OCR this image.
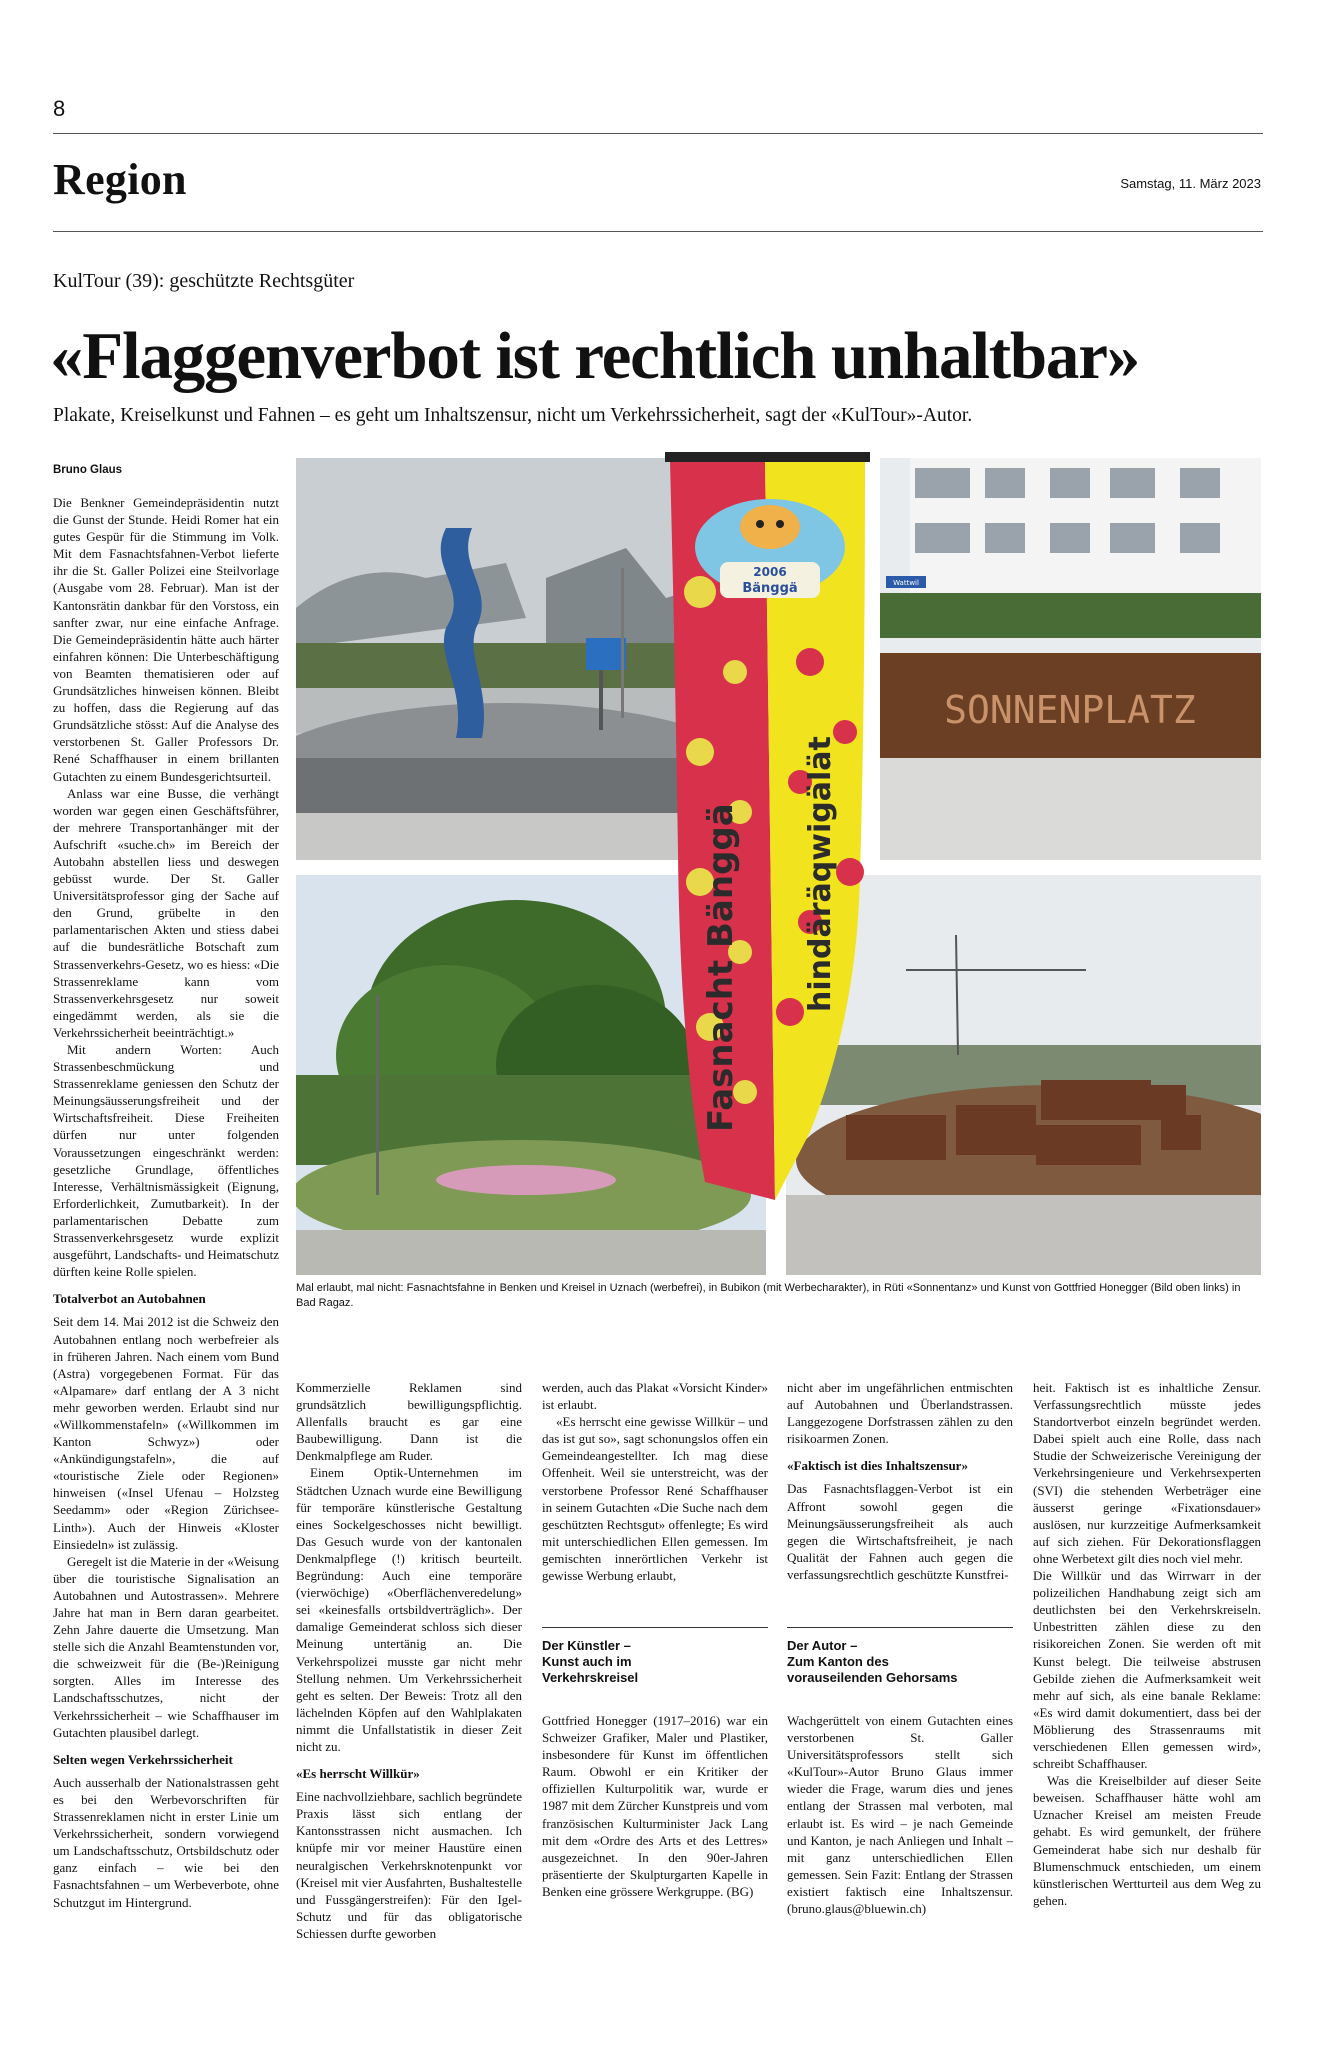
8
Region	Samstag, 11. März 2023
KulTour (39): geschützte Rechtsgüter
«Flaggenverbot ist rechtlich unhaltbar»
Plakate, Kreiselkunst und Fahnen – es geht um Inhaltszensur, nicht um Verkehrssicherheit, sagt der «KulTour»-Autor.
Bruno Glaus
SONNENPLATZ
Wattwil
2006
Bänggä
Fasnacht Bänggä hindäräqwigälät
Mal erlaubt, mal nicht: Fasnachtsfahne in Benken und Kreisel in Uznach (werbefrei), in Bubikon (mit Werbecharakter), in Rüti «Sonnentanz» und Kunst von Gottfried Honegger (Bild oben links) in Bad Ragaz.

Die Benkner Gemeindepräsidentin nutzt die Gunst der Stunde. Heidi Romer hat ein gutes Gespür für die Stimmung im Volk. Mit dem Fasnachtsfahnen-Verbot lieferte ihr die St. Galler Polizei eine Steilvorlage (Ausgabe vom 28. Februar). Man ist der Kantonsrätin dankbar für den Vorstoss, ein sanfter zwar, nur eine einfache Anfrage. Die Gemeindepräsidentin hätte auch härter einfahren können: Die Unterbeschäftigung von Beamten thematisieren oder auf Grundsätzliches hinweisen können. Bleibt zu hoffen, dass die Regierung auf das Grundsätzliche stösst: Auf die Analyse des verstorbenen St. Galler Professors Dr. René Schaffhauser in einem brillanten Gutachten zu einem Bundesgerichtsurteil.

Anlass war eine Busse, die verhängt worden war gegen einen Geschäftsführer, der mehrere Transportanhänger mit der Aufschrift «suche.ch» im Bereich der Autobahn abstellen liess und deswegen gebüsst wurde. Der St. Galler Universitätsprofessor ging der Sache auf den Grund, grübelte in den parlamentarischen Akten und stiess dabei auf die bundesrätliche Botschaft zum Strassenverkehrs-Gesetz, wo es hiess: «Die Strassenreklame kann vom Strassenverkehrsgesetz nur soweit eingedämmt werden, als sie die Verkehrssicherheit beeinträchtigt.»

Mit andern Worten: Auch Strassenbeschmückung und Strassenreklame geniessen den Schutz der Meinungsäusserungsfreiheit und der Wirtschaftsfreiheit. Diese Freiheiten dürfen nur unter folgenden Voraussetzungen eingeschränkt werden: gesetzliche Grundlage, öffentliches Interesse, Verhältnismässigkeit (Eignung, Erforderlichkeit, Zumutbarkeit). In der parlamentarischen Debatte zum Strassenverkehrsgesetz wurde explizit ausgeführt, Landschafts- und Heimatschutz dürften keine Rolle spielen.

Totalverbot an Autobahnen

Seit dem 14. Mai 2012 ist die Schweiz den Autobahnen entlang noch werbefreier als in früheren Jahren. Nach einem vom Bund (Astra) vorgegebenen Format. Für das «Alpamare» darf entlang der A 3 nicht mehr geworben werden. Erlaubt sind nur «Willkommenstafeln» («Willkommen im Kanton Schwyz») oder «Ankündigungstafeln», die auf «touristische Ziele oder Regionen» hinweisen («Insel Ufenau – Holzsteg Seedamm» oder «Region Zürichsee-Linth»). Auch der Hinweis «Kloster Einsiedeln» ist zulässig.

Geregelt ist die Materie in der «Weisung über die touristische Signalisation an Autobahnen und Autostrassen». Mehrere Jahre hat man in Bern daran gearbeitet. Zehn Jahre dauerte die Umsetzung. Man stelle sich die Anzahl Beamtenstunden vor, die schweizweit für die (Be-)Reinigung sorgten. Alles im Interesse des Landschaftsschutzes, nicht der Verkehrssicherheit – wie Schaffhauser im Gutachten plausibel darlegt.

Selten wegen Verkehrssicherheit

Auch ausserhalb der Nationalstrassen geht es bei den Werbevorschriften für Strassenreklamen nicht in erster Linie um Verkehrssicherheit, sondern vorwiegend um Landschaftsschutz, Ortsbildschutz oder ganz einfach – wie bei den Fasnachtsfahnen – um Werbeverbote, ohne Schutzgut im Hintergrund.

Kommerzielle Reklamen sind grundsätzlich bewilligungspflichtig. Allenfalls braucht es gar eine Baubewilligung. Dann ist die Denkmalpflege am Ruder.

Einem Optik-Unternehmen im Städtchen Uznach wurde eine Bewilligung für temporäre künstlerische Gestaltung eines Sockelgeschosses nicht bewilligt. Das Gesuch wurde von der kantonalen Denkmalpflege (!) kritisch beurteilt. Begründung: Auch eine temporäre (vierwöchige) «Oberflächenveredelung» sei «keinesfalls ortsbildverträglich». Der damalige Gemeinderat schloss sich dieser Meinung untertänig an. Die Verkehrspolizei musste gar nicht mehr Stellung nehmen. Um Verkehrssicherheit geht es selten. Der Beweis: Trotz all den lächelnden Köpfen auf den Wahlplakaten nimmt die Unfallstatistik in dieser Zeit nicht zu.

«Es herrscht Willkür»

Eine nachvollziehbare, sachlich begründete Praxis lässt sich entlang der Kantonsstrassen nicht ausmachen. Ich knüpfe mir vor meiner Haustüre einen neuralgischen Verkehrsknotenpunkt vor (Kreisel mit vier Ausfahrten, Bushaltestelle und Fussgängerstreifen): Für den Igel-Schutz und für das obligatorische Schiessen durfte geworben

werden, auch das Plakat «Vorsicht Kinder» ist erlaubt.

«Es herrscht eine gewisse Willkür – und das ist gut so», sagt schonungslos offen ein Gemeindeangestellter. Ich mag diese Offenheit. Weil sie unterstreicht, was der verstorbene Professor René Schaffhauser in seinem Gutachten «Die Suche nach dem geschützten Rechtsgut» offenlegte; Es wird mit unterschiedlichen Ellen gemessen. Im gemischten innerörtlichen Verkehr ist gewisse Werbung erlaubt,

Der Künstler –
Kunst auch im
Verkehrskreisel

Gottfried Honegger (1917–2016) war ein Schweizer Grafiker, Maler und Plastiker, insbesondere für Kunst im öffentlichen Raum. Obwohl er ein Kritiker der offiziellen Kulturpolitik war, wurde er 1987 mit dem Zürcher Kunstpreis und vom französischen Kulturminister Jack Lang mit dem «Ordre des Arts et des Lettres» ausgezeichnet. In den 90er-Jahren präsentierte der Skulpturgarten Kapelle in Benken eine grössere Werkgruppe. (BG)

nicht aber im ungefährlichen entmischten auf Autobahnen und Überlandstrassen. Langgezogene Dorfstrassen zählen zu den risikoarmen Zonen.

«Faktisch ist dies Inhaltszensur»

Das Fasnachtsflaggen-Verbot ist ein Affront sowohl gegen die Meinungsäusserungsfreiheit als auch gegen die Wirtschaftsfreiheit, je nach Qualität der Fahnen auch gegen die verfassungsrechtlich geschützte Kunstfrei-

Der Autor –
Zum Kanton des
vorauseilenden Gehorsams

Wachgerüttelt von einem Gutachten eines verstorbenen St. Galler Universitätsprofessors stellt sich «KulTour»-Autor Bruno Glaus immer wieder die Frage, warum dies und jenes entlang der Strassen mal verboten, mal erlaubt ist. Es wird – je nach Gemeinde und Kanton, je nach Anliegen und Inhalt – mit ganz unterschiedlichen Ellen gemessen. Sein Fazit: Entlang der Strassen existiert faktisch eine Inhaltszensur. (bruno.glaus@bluewin.ch)

heit. Faktisch ist es inhaltliche Zensur. Verfassungsrechtlich müsste jedes Standortverbot einzeln begründet werden. Dabei spielt auch eine Rolle, dass nach Studie der Schweizerische Vereinigung der Verkehrsingenieure und Verkehrsexperten (SVI) die stehenden Werbeträger eine äusserst geringe «Fixationsdauer» auslösen, nur kurzzeitige Aufmerksamkeit auf sich ziehen. Für Dekorationsflaggen ohne Werbetext gilt dies noch viel mehr.

Die Willkür und das Wirrwarr in der polizeilichen Handhabung zeigt sich am deutlichsten bei den Verkehrskreiseln. Unbestritten zählen diese zu den risikoreichen Zonen. Sie werden oft mit Kunst belegt. Die teilweise abstrusen Gebilde ziehen die Aufmerksamkeit weit mehr auf sich, als eine banale Reklame: «Es wird damit dokumentiert, dass bei der Möblierung des Strassenraums mit verschiedenen Ellen gemessen wird», schreibt Schaffhauser.

Was die Kreiselbilder auf dieser Seite beweisen. Schaffhauser hätte wohl am Uznacher Kreisel am meisten Freude gehabt. Es wird gemunkelt, der frühere Gemeinderat habe sich nur deshalb für Blumenschmuck entschieden, um einem künstlerischen Wertturteil aus dem Weg zu gehen.
